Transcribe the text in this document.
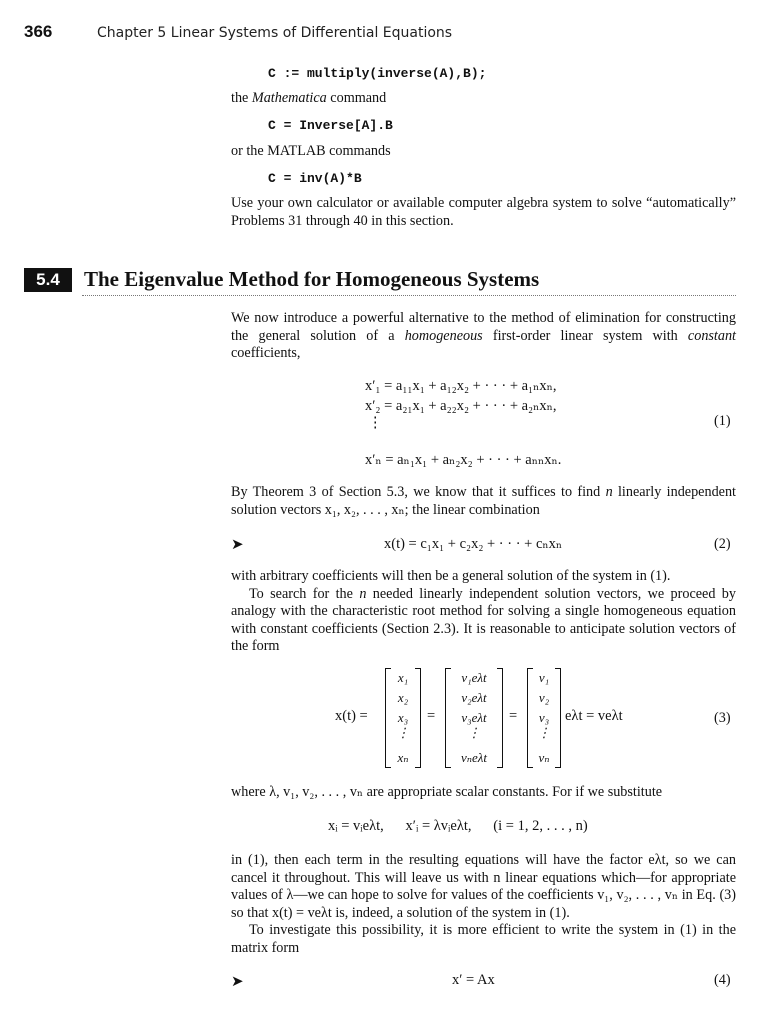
366	Chapter 5 Linear Systems of Differential Equations
C := multiply(inverse(A),B);
the Mathematica command
C = Inverse[A].B
or the MATLAB commands
C = inv(A)*B

Use your own calculator or available computer algebra system to solve “automatically” Problems 31 through 40 in this section.

5.4	The Eigenvalue Method for Homogeneous Systems

We now introduce a powerful alternative to the method of elimination for constructing the general solution of a homogeneous first-order linear system with constant coefficients,

x′₁ = a₁₁x₁ + a₁₂x₂ + · · · + a₁ₙxₙ,
x′₂ = a₂₁x₁ + a₂₂x₂ + · · · + a₂ₙxₙ,
⋮
x′ₙ = aₙ₁x₁ + aₙ₂x₂ + · · · + aₙₙxₙ.
(1)

By Theorem 3 of Section 5.3, we know that it suffices to find n linearly independent solution vectors x₁, x₂, . . . , xₙ; the linear combination

➤	x(t) = c₁x₁ + c₂x₂ + · · · + cₙxₙ	(2)

with arbitrary coefficients will then be a general solution of the system in (1).

To search for the n needed linearly independent solution vectors, we proceed by analogy with the characteristic root method for solving a single homogeneous equation with constant coefficients (Section 2.3). It is reasonable to anticipate solution vectors of the form

x(t) =
x₁
x₂
x₃
⋮
xₙ
=
v₁eλt
v₂eλt
v₃eλt
⋮
vₙeλt
=
v₁
v₂
v₃
⋮
vₙ
eλt = veλt	(3)
where λ, v₁, v₂, . . . , vₙ are appropriate scalar constants. For if we substitute
xᵢ = vᵢeλt,      x′ᵢ = λvᵢeλt,      (i = 1, 2, . . . , n)

in (1), then each term in the resulting equations will have the factor eλt, so we can cancel it throughout. This will leave us with n linear equations which—for appropriate values of λ—we can hope to solve for values of the coefficients v₁, v₂, . . . , vₙ in Eq. (3) so that x(t) = veλt is, indeed, a solution of the system in (1).

To investigate this possibility, it is more efficient to write the system in (1) in the matrix form

➤	x′ = Ax	(4)
